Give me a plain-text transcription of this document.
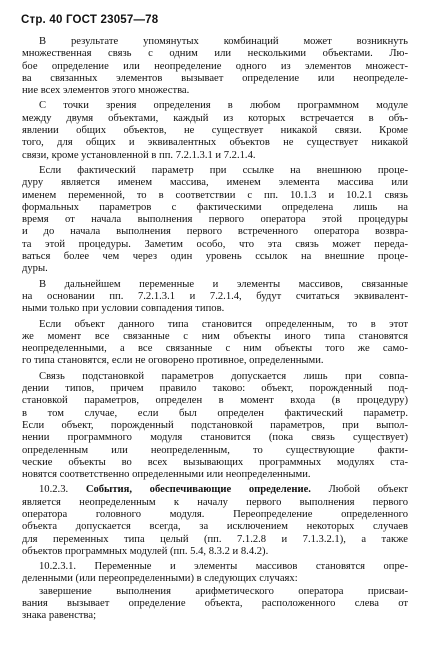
Стр. 40 ГОСТ 23057—78
В результате упомянутых комбинаций может возникнуть
множественная связь с одним или несколькими объектами. Лю-
бое определение или неопределение одного из элементов множест-
ва связанных элементов вызывает определение или неопределе-
ние всех элементов этого множества.
С точки зрения определения в любом программном модуле
между двумя объектами, каждый из которых встречается в объ-
явлении общих объектов, не существует никакой связи. Кроме
того, для общих и эквивалентных объектов не существует никакой
связи, кроме установленной в пп. 7.2.1.3.1 и 7.2.1.4.
Если фактический параметр при ссылке на внешнюю проце-
дуру является именем массива, именем элемента массива или
именем переменной, то в соответствии с пп. 10.1.3 и 10.2.1 связь
формальных параметров с фактическими определена лишь на
время от начала выполнения первого оператора этой процедуры
и до начала выполнения первого встреченного оператора возвра-
та этой процедуры. Заметим особо, что эта связь может переда-
ваться более чем через один уровень ссылок на внешние проце-
дуры.
В дальнейшем переменные и элементы массивов, связанные
на основании пп. 7.2.1.3.1 и 7.2.1.4, будут считаться эквивалент-
ными только при условии совпадения типов.
Если объект данного типа становится определенным, то в этот
же момент все связанные с ним объекты иного типа становятся
неопределенными, а все связанные с ним объекты того же само-
го типа становятся, если не оговорено противное, определенными.
Связь подстановкой параметров допускается лишь при совпа-
дении типов, причем правило таково: объект, порожденный под-
становкой параметров, определен в момент входа (в процедуру)
в том случае, если был определен фактический параметр.
Если объект, порожденный подстановкой параметров, при выпол-
нении программного модуля становится (пока связь существует)
определенным или неопределенным, то существующие факти-
ческие объекты во всех вызывающих программных модулях ста-
новятся соответственно определенными или неопределенными.
10.2.3. События, обеспечивающие определение. Любой объект
является неопределенным к началу первого выполнения первого
оператора головного модуля. Переопределение определенного
объекта допускается всегда, за исключением некоторых случаев
для переменных типа целый (пп. 7.1.2.8 и 7.1.3.2.1), а также
объектов программных модулей (пп. 5.4, 8.3.2 и 8.4.2).
10.2.3.1. Переменные и элементы массивов становятся опре-
деленными (или переопределенными) в следующих случаях:
завершение выполнения арифметического оператора присваи-
вания вызывает определение объекта, расположенного слева от
знака равенства;
